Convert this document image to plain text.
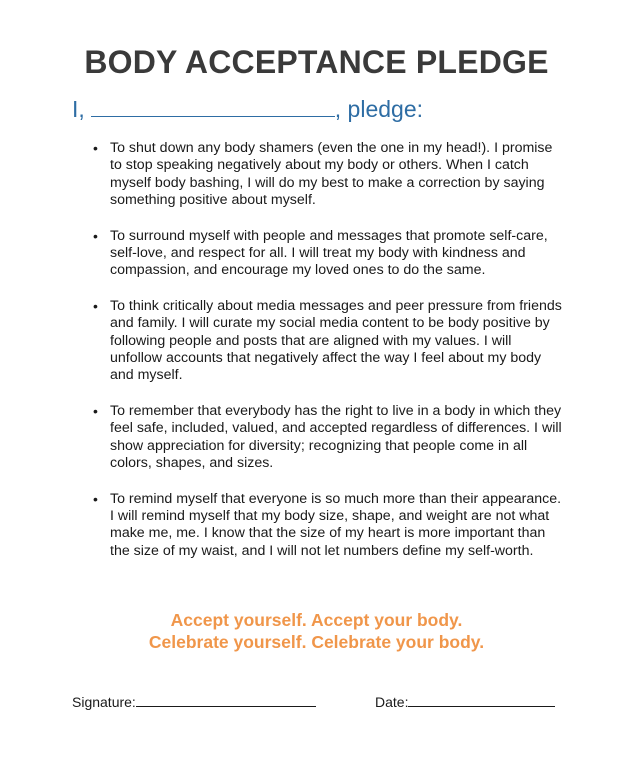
BODY ACCEPTANCE PLEDGE
I,	, pledge:
• To shut down any body shamers (even the one in my head!). I promise to stop speaking negatively about my body or others. When I catch myself body bashing, I will do my best to make a correction by saying something positive about myself.
• To surround myself with people and messages that promote self-care, self-love, and respect for all. I will treat my body with kindness and compassion, and encourage my loved ones to do the same.
• To think critically about media messages and peer pressure from friends and family. I will curate my social media content to be body positive by following people and posts that are aligned with my values. I will unfollow accounts that negatively affect the way I feel about my body and myself.
• To remember that everybody has the right to live in a body in which they feel safe, included, valued, and accepted regardless of differences. I will show appreciation for diversity; recognizing that people come in all colors, shapes, and sizes.
• To remind myself that everyone is so much more than their appearance. I will remind myself that my body size, shape, and weight are not what make me, me. I know that the size of my heart is more important than the size of my waist, and I will not let numbers define my self-worth.
Accept yourself. Accept your body.
Celebrate yourself. Celebrate your body.
Signature:	Date:
